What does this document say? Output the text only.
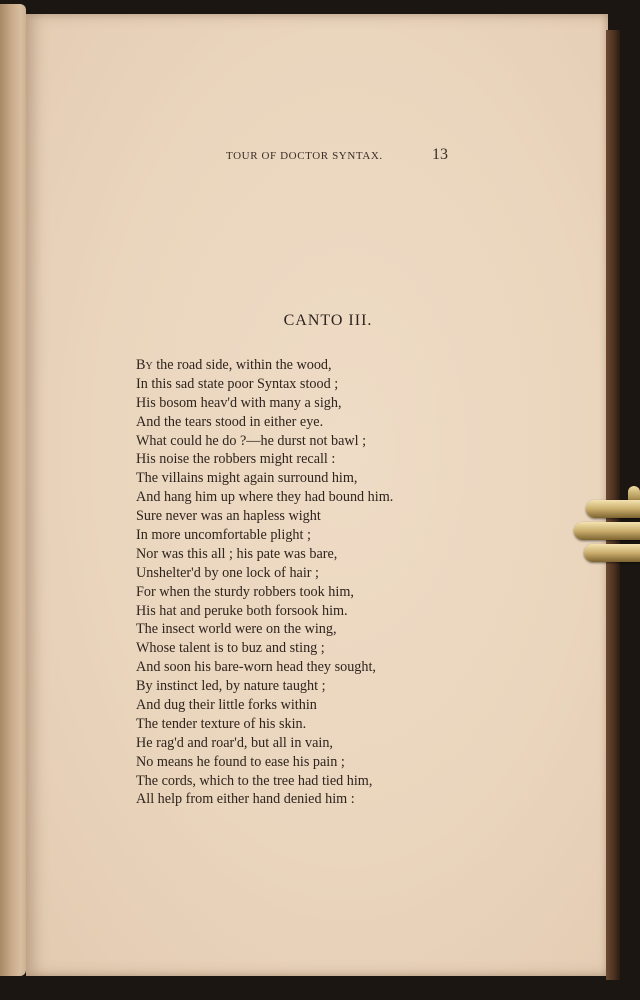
TOUR OF DOCTOR SYNTAX.	13
CANTO III.
By the road side, within the wood,
In this sad state poor Syntax stood ;
His bosom heav'd with many a sigh,
And the tears stood in either eye.
What could he do ?—he durst not bawl ;
His noise the robbers might recall :
The villains might again surround him,
And hang him up where they had bound him.
Sure never was an hapless wight
In more uncomfortable plight ;
Nor was this all ; his pate was bare,
Unshelter'd by one lock of hair ;
For when the sturdy robbers took him,
His hat and peruke both forsook him.
The insect world were on the wing,
Whose talent is to buz and sting ;
And soon his bare-worn head they sought,
By instinct led, by nature taught ;
And dug their little forks within
The tender texture of his skin.
He rag'd and roar'd, but all in vain,
No means he found to ease his pain ;
The cords, which to the tree had tied him,
All help from either hand denied him :
